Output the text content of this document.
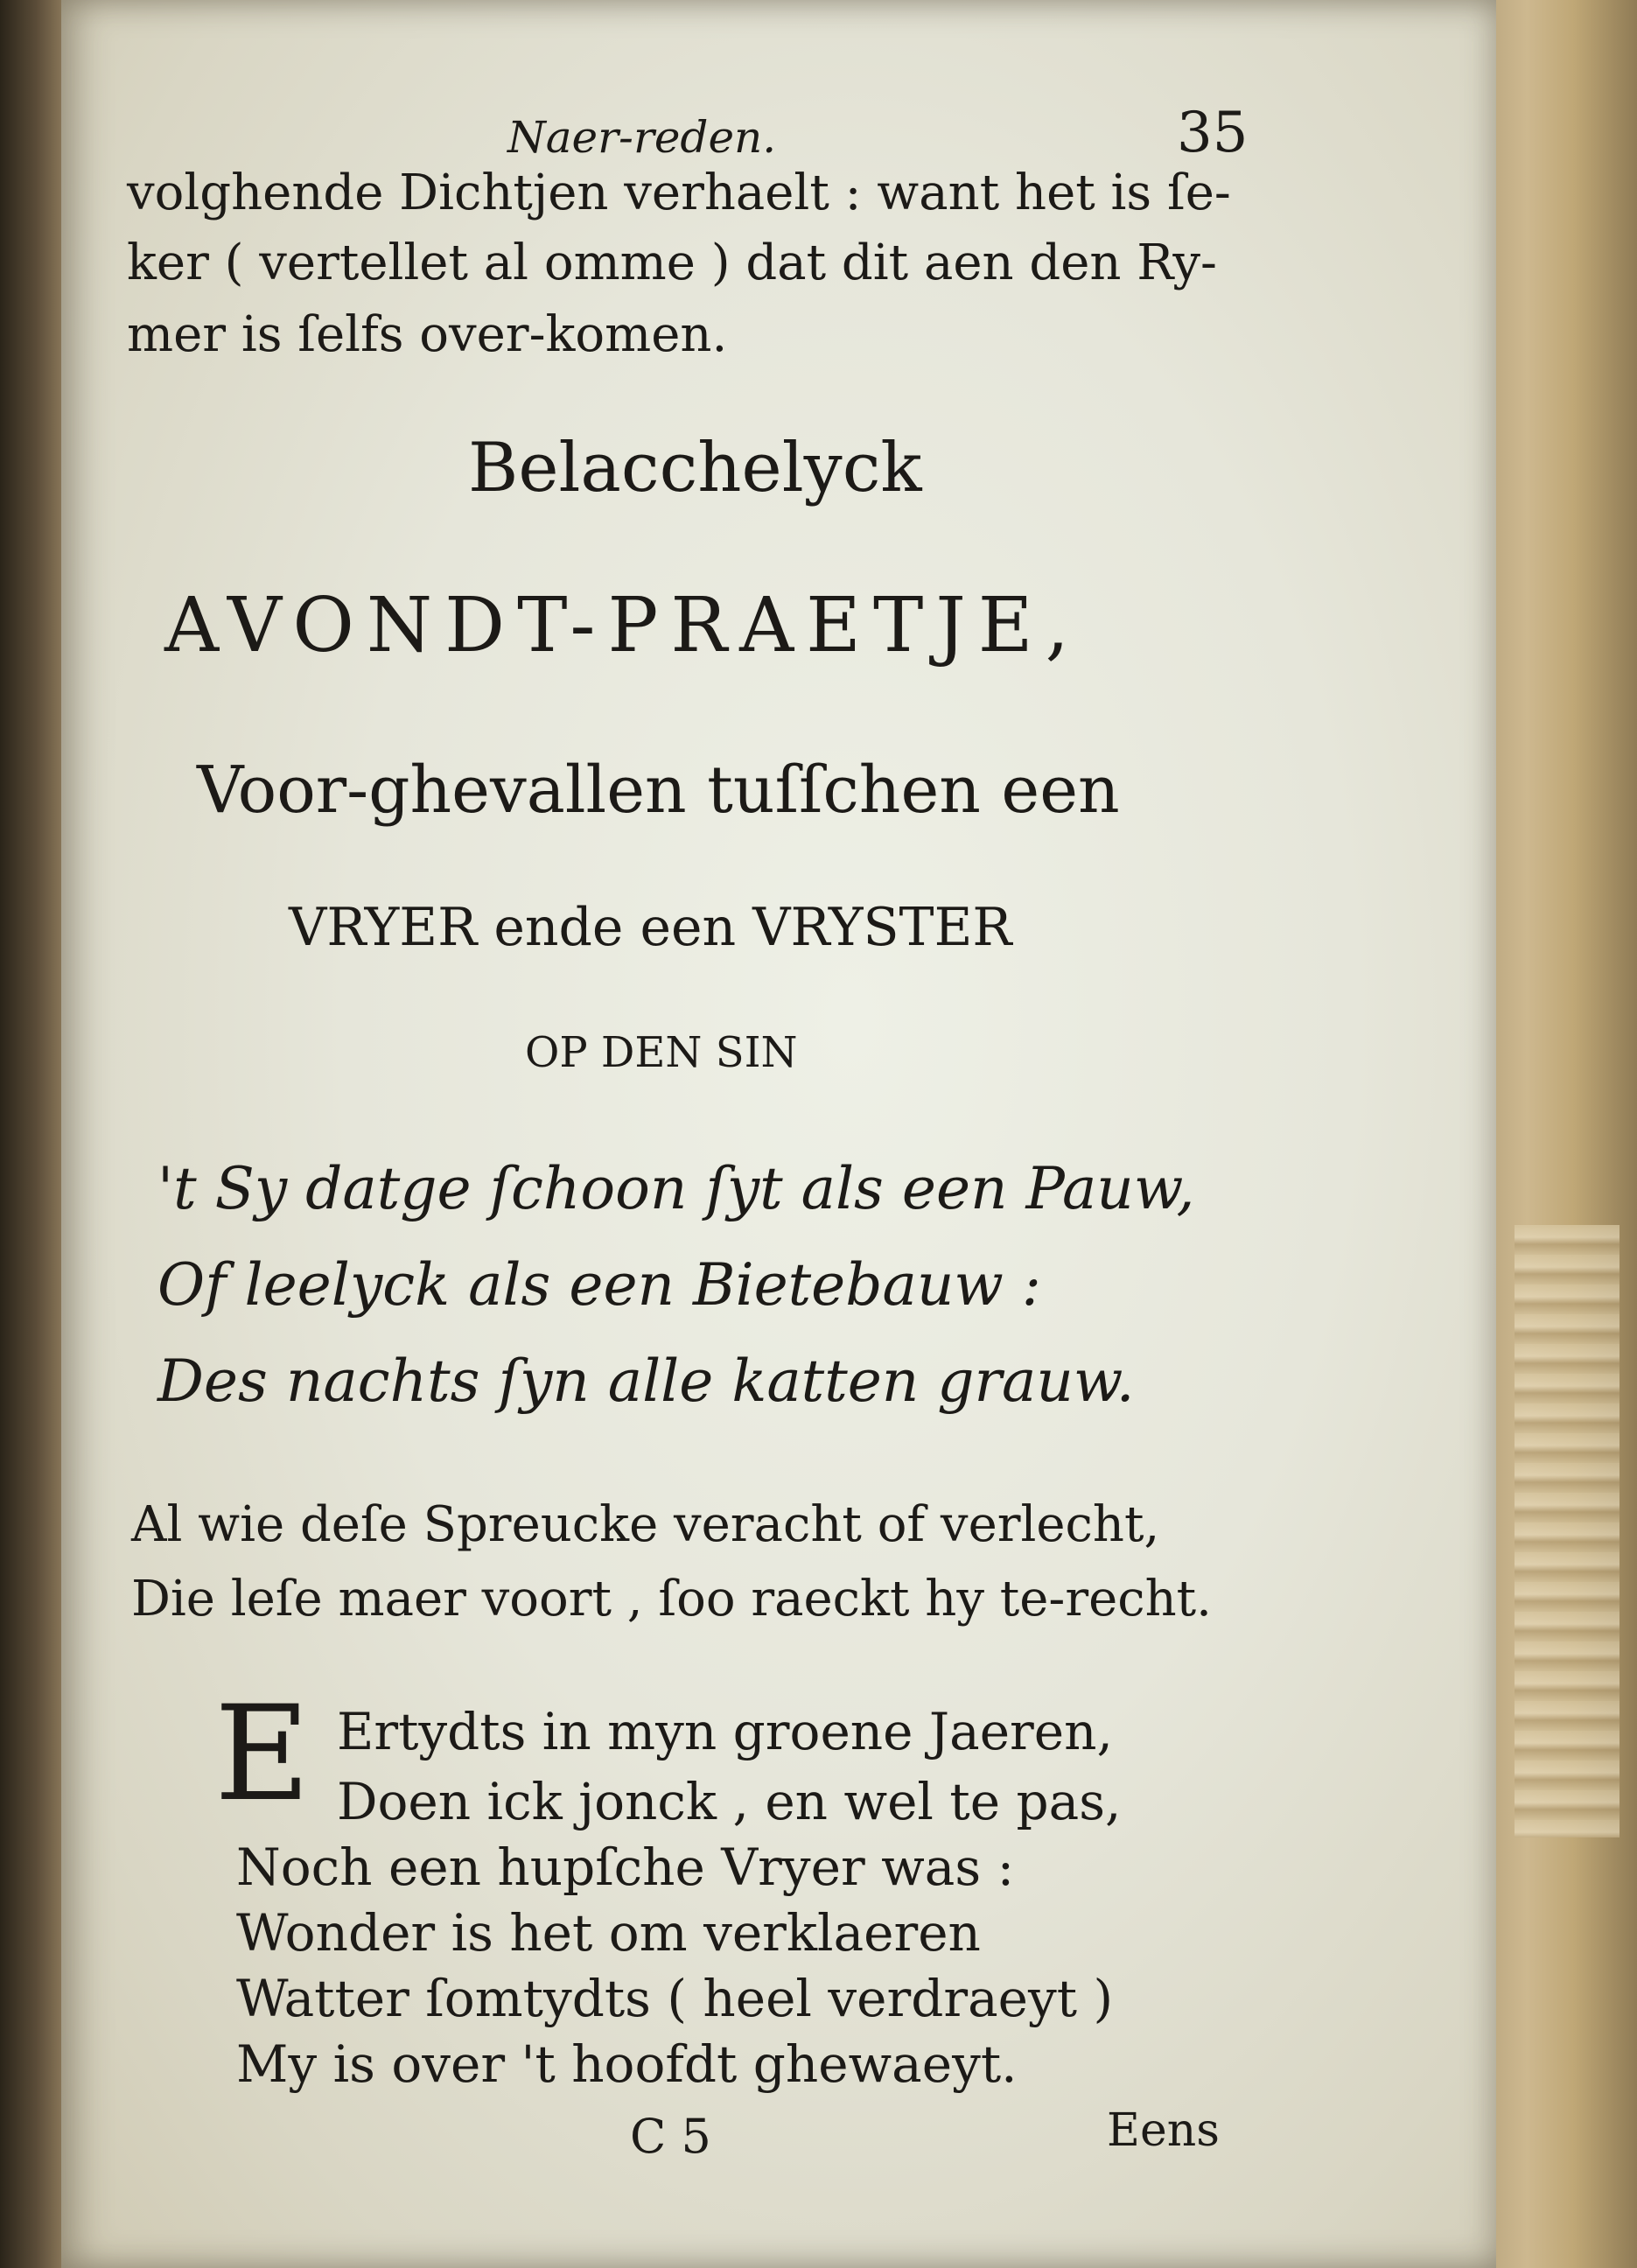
Naer-reden.	35
volghende Dichtjen verhaelt : want het is ſe-
ker ( vertellet al omme ) dat dit aen den Ry-
mer is ſelfs over-komen.
Belacchelyck
AVONDT-PRAETJE,
Voor-ghevallen tuſſchen een
VRYER ende een VRYSTER
OP DEN SIN
't Sy datge ſchoon ſyt als een Pauw,
Of leelyck als een Bietebauw :
Des nachts ſyn alle katten grauw.
Al wie deſe Spreucke veracht of verlecht,
Die leſe maer voort , ſoo raeckt hy te-recht.
E Ertydts in myn groene Jaeren,
Doen ick jonck , en wel te pas,
Noch een hupſche Vryer was :
Wonder is het om verklaeren
Watter ſomtydts ( heel verdraeyt )
My is over 't hoofdt ghewaeyt.
C 5	Eens
